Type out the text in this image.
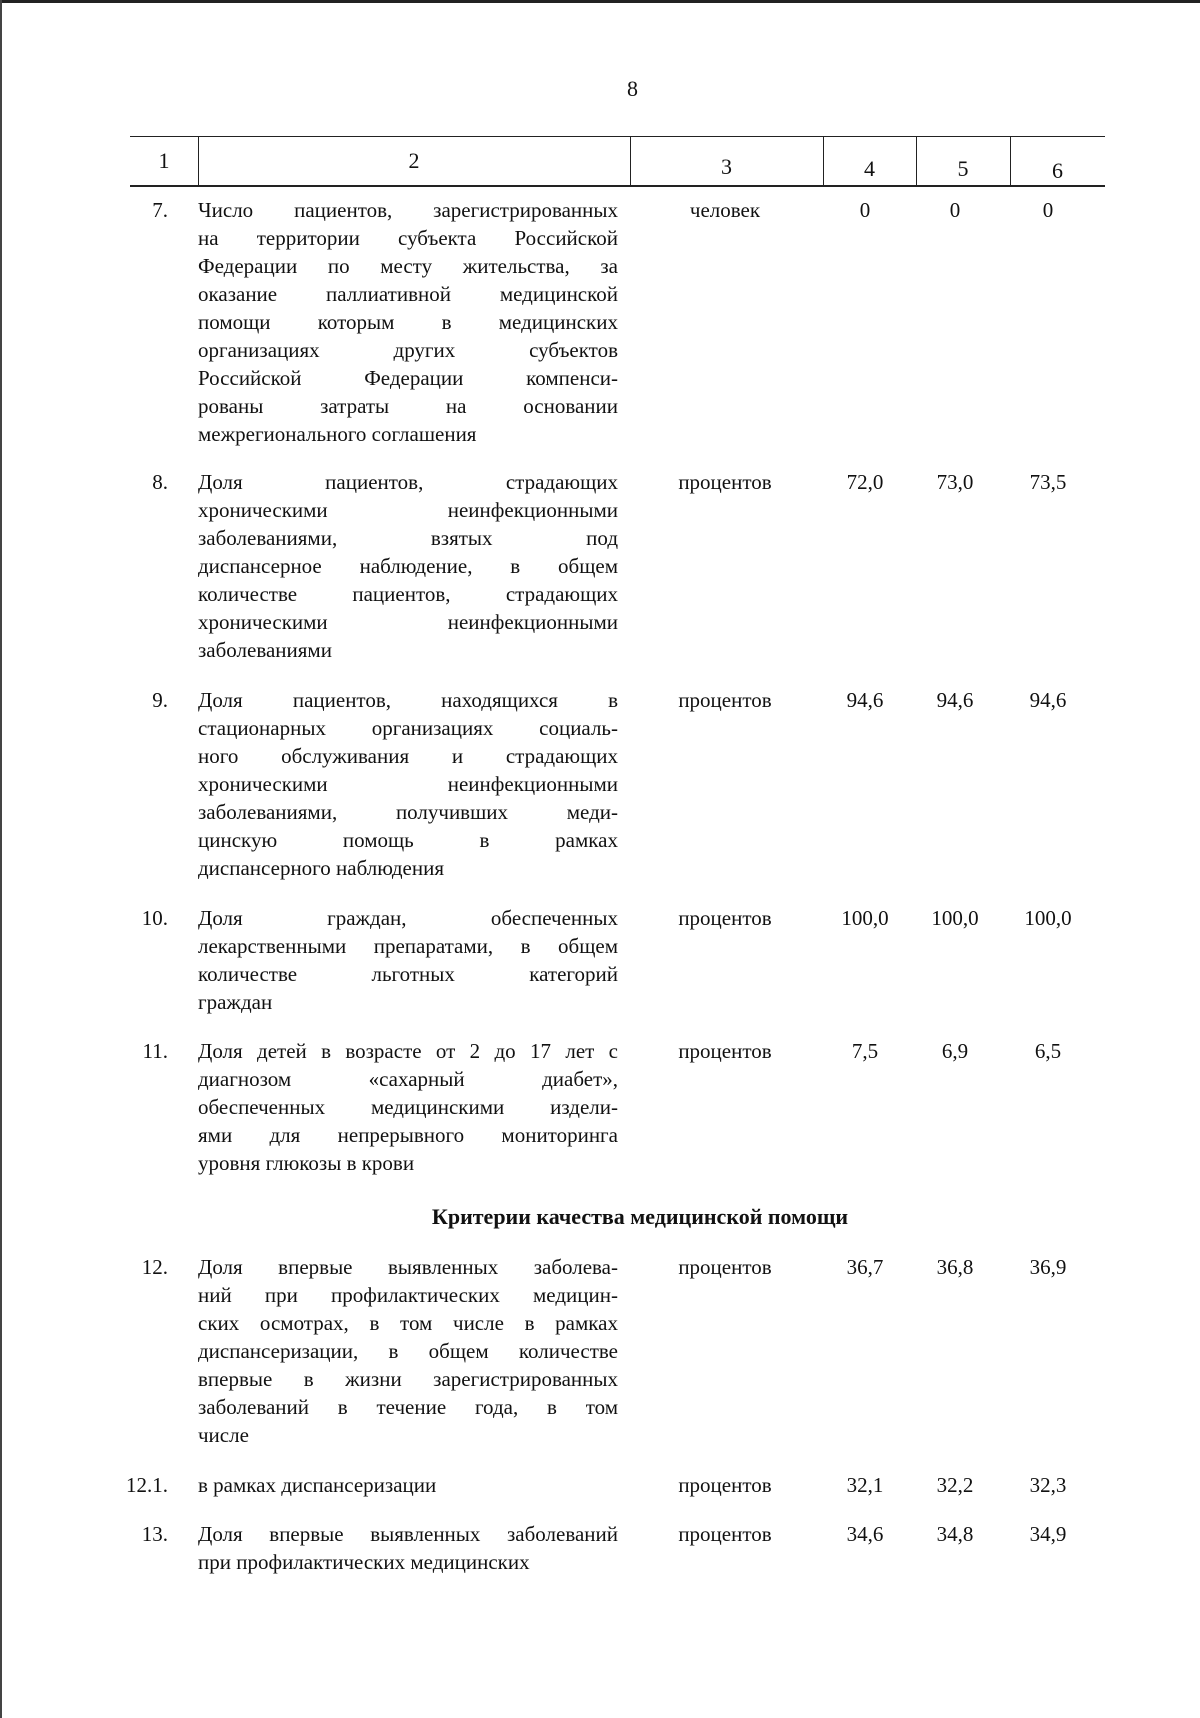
8
1	2	3	4	5	6
7. Число пациентов, зарегистрированных
на территории субъекта Российской
Федерации по месту жительства, за
оказание паллиативной медицинской
помощи которым в медицинских
организациях других субъектов
Российской Федерации компенси-
рованы затраты на основании
межрегионального соглашения
человек	0	0	0
8. Доля пациентов, страдающих
хроническими неинфекционными
заболеваниями, взятых под
диспансерное наблюдение, в общем
количестве пациентов, страдающих
хроническими неинфекционными
заболеваниями
процентов	72,0	73,0	73,5
9. Доля пациентов, находящихся в
стационарных организациях социаль-
ного обслуживания и страдающих
хроническими неинфекционными
заболеваниями, получивших меди-
цинскую помощь в рамках
диспансерного наблюдения
процентов	94,6	94,6	94,6
10. Доля граждан, обеспеченных
лекарственными препаратами, в общем
количестве льготных категорий
граждан
процентов	100,0	100,0	100,0
11. Доля детей в возрасте от 2 до 17 лет с
диагнозом «сахарный диабет»,
обеспеченных медицинскими издели-
ями для непрерывного мониторинга
уровня глюкозы в крови
процентов	7,5	6,9	6,5
Критерии качества медицинской помощи
12. Доля впервые выявленных заболева-
ний при профилактических медицин-
ских осмотрах, в том числе в рамках
диспансеризации, в общем количестве
впервые в жизни зарегистрированных
заболеваний в течение года, в том
числе
процентов	36,7	36,8	36,9
12.1. в рамках диспансеризации	процентов	32,1	32,2	32,3
13. Доля впервые выявленных заболеваний
при профилактических медицинских
процентов	34,6	34,8	34,9
